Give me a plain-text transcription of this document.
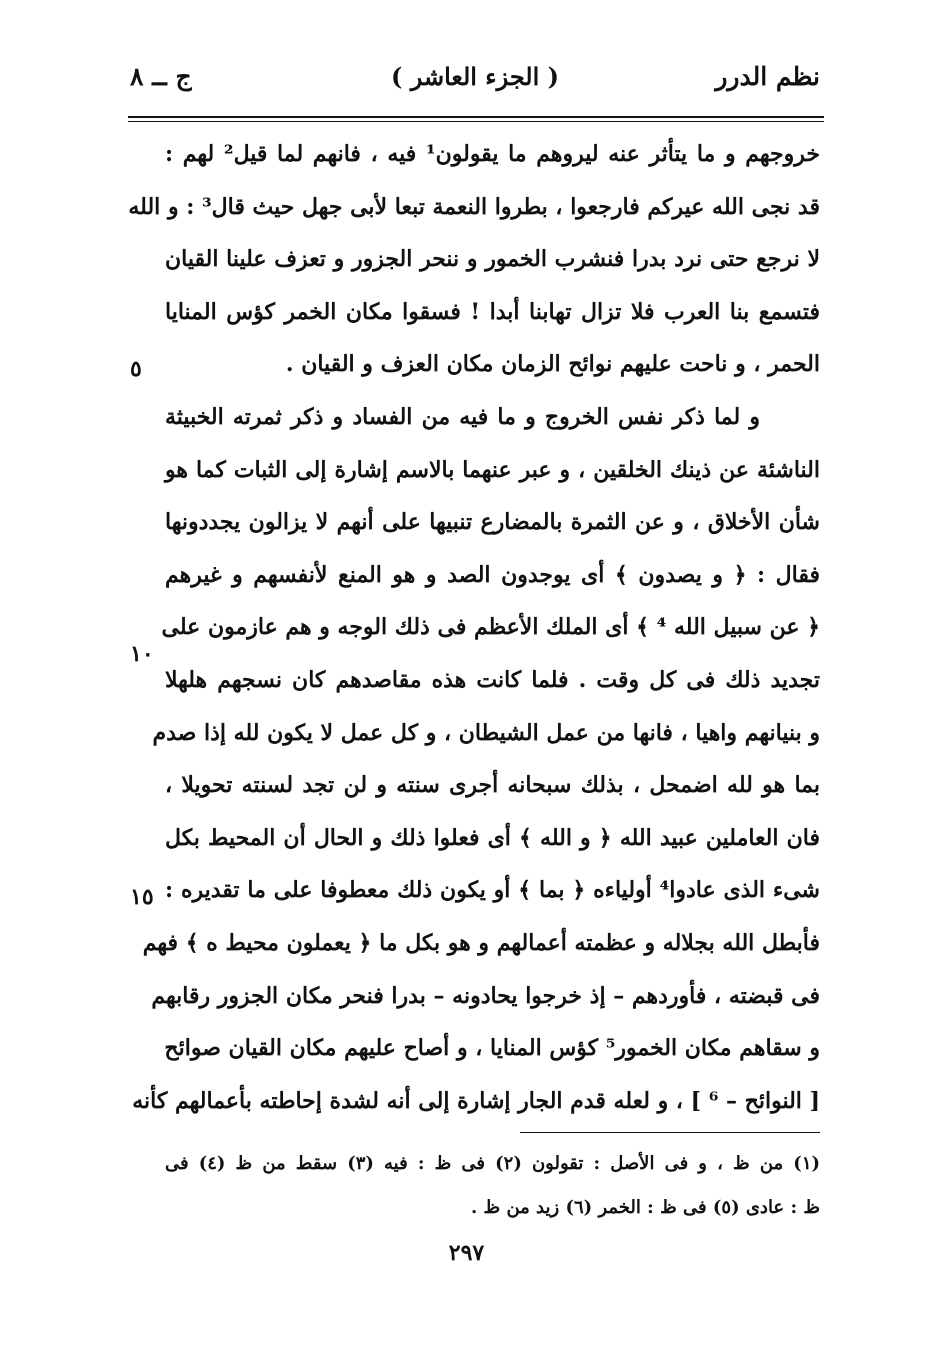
نظم الدرر
( الجزء العاشر )
ج ــ ٨
خروجهم و ما يتأثر عنه ليروهم ما يقولون¹ فيه ، فانهم لما قيل² لهم :
قد نجى الله عيركم فارجعوا ، بطروا النعمة تبعا لأبى جهل حيث قال³ : و الله
لا نرجع حتى نرد بدرا فنشرب الخمور و ننحر الجزور و تعزف علينا القيان
فتسمع بنا العرب فلا تزال تهابنا أبدا ! فسقوا مكان الخمر كؤس المنايا
الحمر ، و ناحت عليهم نوائح الزمان مكان العزف و القيان .
و لما ذكر نفس الخروج و ما فيه من الفساد و ذكر ثمرته الخبيثة
الناشئة عن ذينك الخلقين ، و عبر عنهما بالاسم إشارة إلى الثبات كما هو
شأن الأخلاق ، و عن الثمرة بالمضارع تنبيها على أنهم لا يزالون يجددونها
فقال : ﴿ و يصدون ﴾ أى يوجدون الصد و هو المنع لأنفسهم و غيرهم
﴿ عن سبيل الله ⁴ ﴾ أى الملك الأعظم فى ذلك الوجه و هم عازمون على
تجديد ذلك فى كل وقت . فلما كانت هذه مقاصدهم كان نسجهم هلهلا
و بنيانهم واهيا ، فانها من عمل الشيطان ، و كل عمل لا يكون لله إذا صدم
بما هو لله اضمحل ، بذلك سبحانه أجرى سنته و لن تجد لسنته تحويلا ،
فان العاملين عبيد الله ﴿ و الله ﴾ أى فعلوا ذلك و الحال أن المحيط بكل
شىء الذى عادوا⁴ أولياءه ﴿ بما ﴾ أو يكون ذلك معطوفا على ما تقديره :
فأبطل الله بجلاله و عظمته أعمالهم و هو بكل ما ﴿ يعملون محيط ه ﴾ فهم
فى قبضته ، فأوردهم – إذ خرجوا يحادونه – بدرا فنحر مكان الجزور رقابهم
و سقاهم مكان الخمور⁵ كؤس المنايا ، و أصاح عليهم مكان القيان صوائح
[ النوائح – ⁶ ] ، و لعله قدم الجار إشارة إلى أنه لشدة إحاطته بأعمالهم كأنه
٥
١٠
١٥
(١) من ظ ، و فى الأصل : تقولون (٢) فى ظ : فيه (٣) سقط من ظ (٤) فى
ظ : عادى (٥) فى ظ : الخمر (٦) زيد من ظ .
٢٩٧
